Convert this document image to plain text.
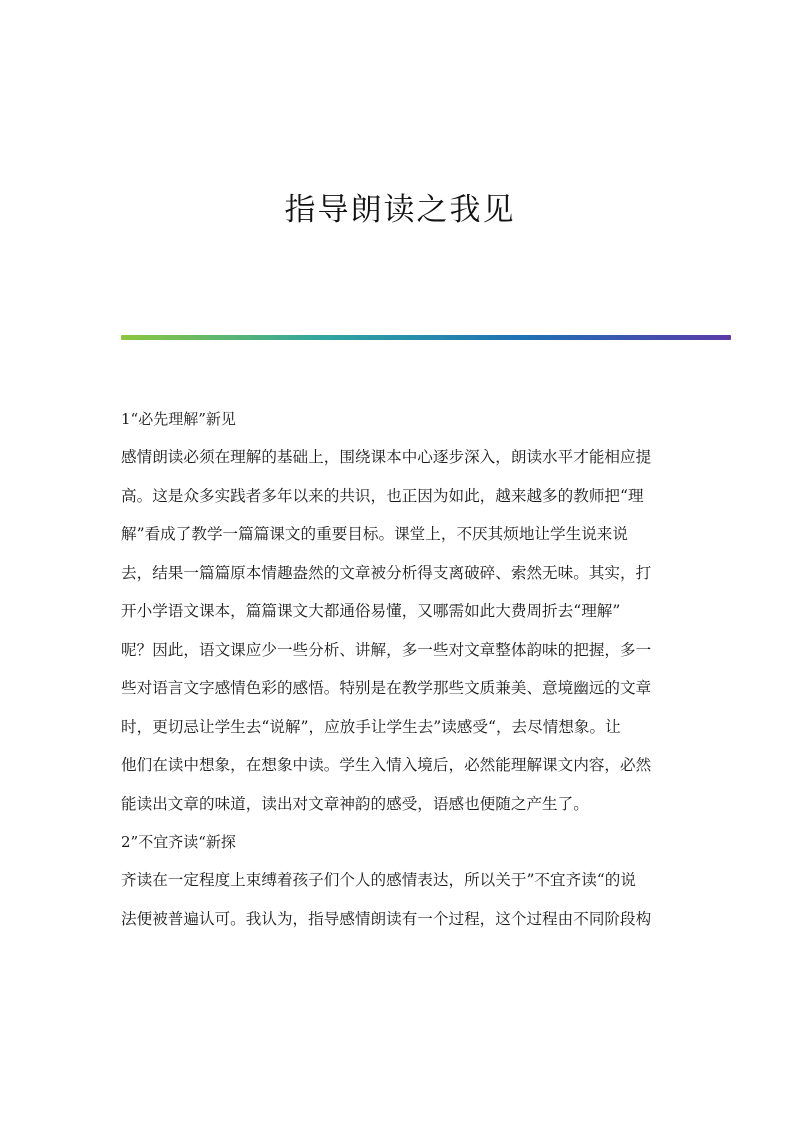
指导朗读之我见

1“必先理解”新见

感情朗读必须在理解的基础上，围绕课本中心逐步深入，朗读水平才能相应提
高。这是众多实践者多年以来的共识，也正因为如此，越来越多的教师把“理
解”看成了教学一篇篇课文的重要目标。课堂上，不厌其烦地让学生说来说
去，结果一篇篇原本情趣盎然的文章被分析得支离破碎、索然无味。其实，打
开小学语文课本，篇篇课文大都通俗易懂，又哪需如此大费周折去“理解”
呢？因此，语文课应少一些分析、讲解，多一些对文章整体韵味的把握，多一
些对语言文字感情色彩的感悟。特别是在教学那些文质兼美、意境幽远的文章
时，更切忌让学生去“说解”，应放手让学生去”读感受“，去尽情想象。让
他们在读中想象，在想象中读。学生入情入境后，必然能理解课文内容，必然
能读出文章的味道，读出对文章神韵的感受，语感也便随之产生了。

2”不宜齐读“新探

齐读在一定程度上束缚着孩子们个人的感情表达，所以关于”不宜齐读“的说
法便被普遍认可。我认为，指导感情朗读有一个过程，这个过程由不同阶段构
